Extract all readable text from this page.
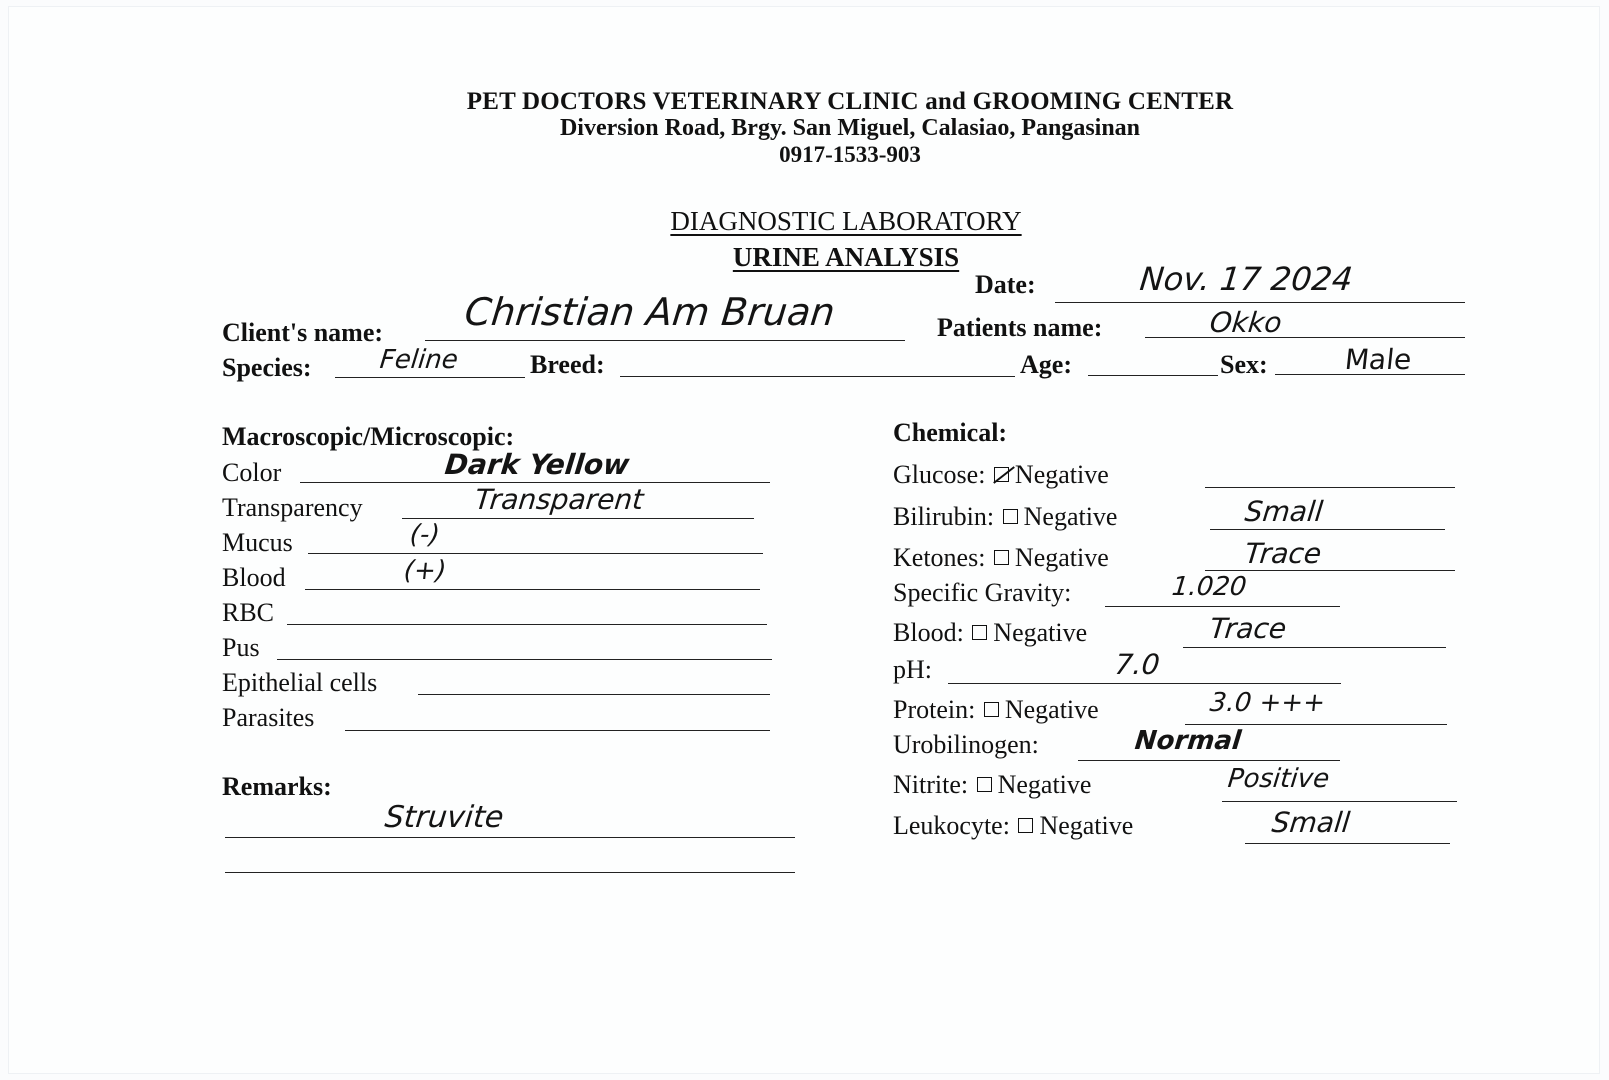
PET DOCTORS VETERINARY CLINIC and GROOMING CENTER
Diversion Road, Brgy. San Miguel, Calasiao, Pangasinan
0917-1533-903
DIAGNOSTIC LABORATORY
URINE ANALYSIS
Date:	Nov. 17 2024
Client's name: Christian Am Bruan	Patients name:	Okko
Species:	Feline	Breed:	Age:	Sex:	Male
Macroscopic/Microscopic:
Color	Dark Yellow
Transparency	Transparent
Mucus	(-)
Blood	(+)
RBC
Pus
Epithelial cells
Parasites
Remarks:
Struvite
Chemical:
Glucose: Negative
Bilirubin: Negative	Small
Ketones: Negative	Trace
Specific Gravity:	1.020
Blood: Negative	Trace
pH:	7.0
Protein: Negative	3.0 +++
Urobilinogen:	Normal
Nitrite: Negative	Positive
Leukocyte: Negative	Small
